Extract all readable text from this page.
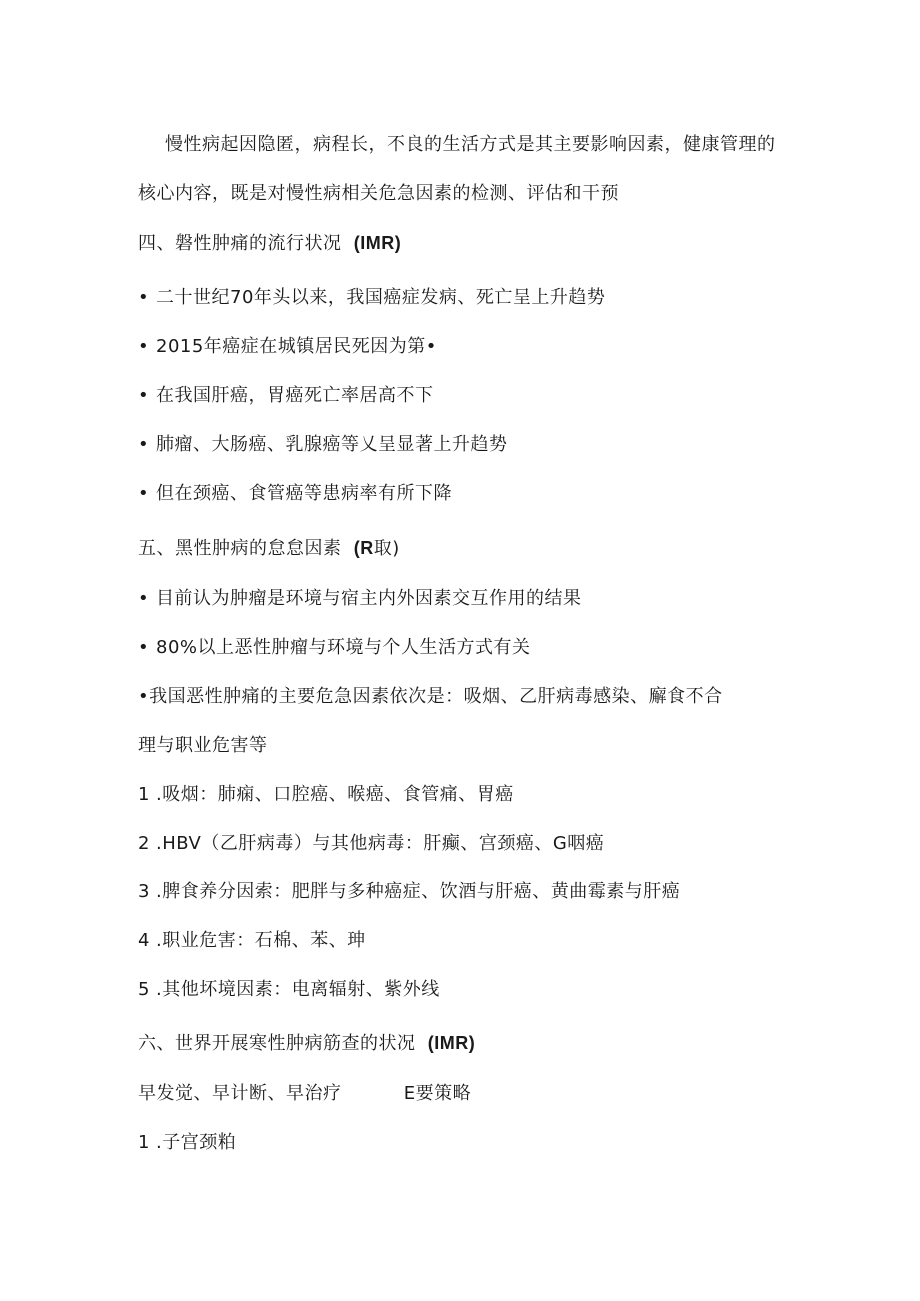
慢性病起因隐匿，病程长，不良的生活方式是其主要影响因素，健康管理的
核心内容，既是对慢性病相关危急因素的检测、评估和干预
四、磐性肿痛的流行状况 (IMR)
• 二十世纪70年头以来，我国癌症发病、死亡呈上升趋势
• 2015年癌症在城镇居民死因为第•
• 在我国肝癌，胃癌死亡率居高不下
• 肺瘤、大肠癌、乳腺癌等乂呈显著上升趋势
• 但在颈癌、食管癌等患病率有所下降
五、黑性肿病的怠怠因素 (R取)
• 目前认为肿瘤是环境与宿主内外因素交互作用的结果
• 80%以上恶性肿瘤与环境与个人生活方式有关
•我国恶性肿痛的主要危急因素依次是：吸烟、乙肝病毒感染、廨食不合
理与职业危害等
1 .吸烟：肺痫、口腔癌、喉癌、食管痛、胃癌
2 .HBV（乙肝病毒）与其他病毒：肝癫、宫颈癌、G咽癌
3 .脾食养分因索：肥胖与多种癌症、饮酒与肝癌、黄曲霉素与肝癌
4 .职业危害：石棉、苯、珅
5 .其他坏境因素：电离辐射、紫外线
六、世界开展寒性肿病筋查的状况 (IMR)
早发觉、早计断、早治疗	E要策略
1 .子宫颈粕
